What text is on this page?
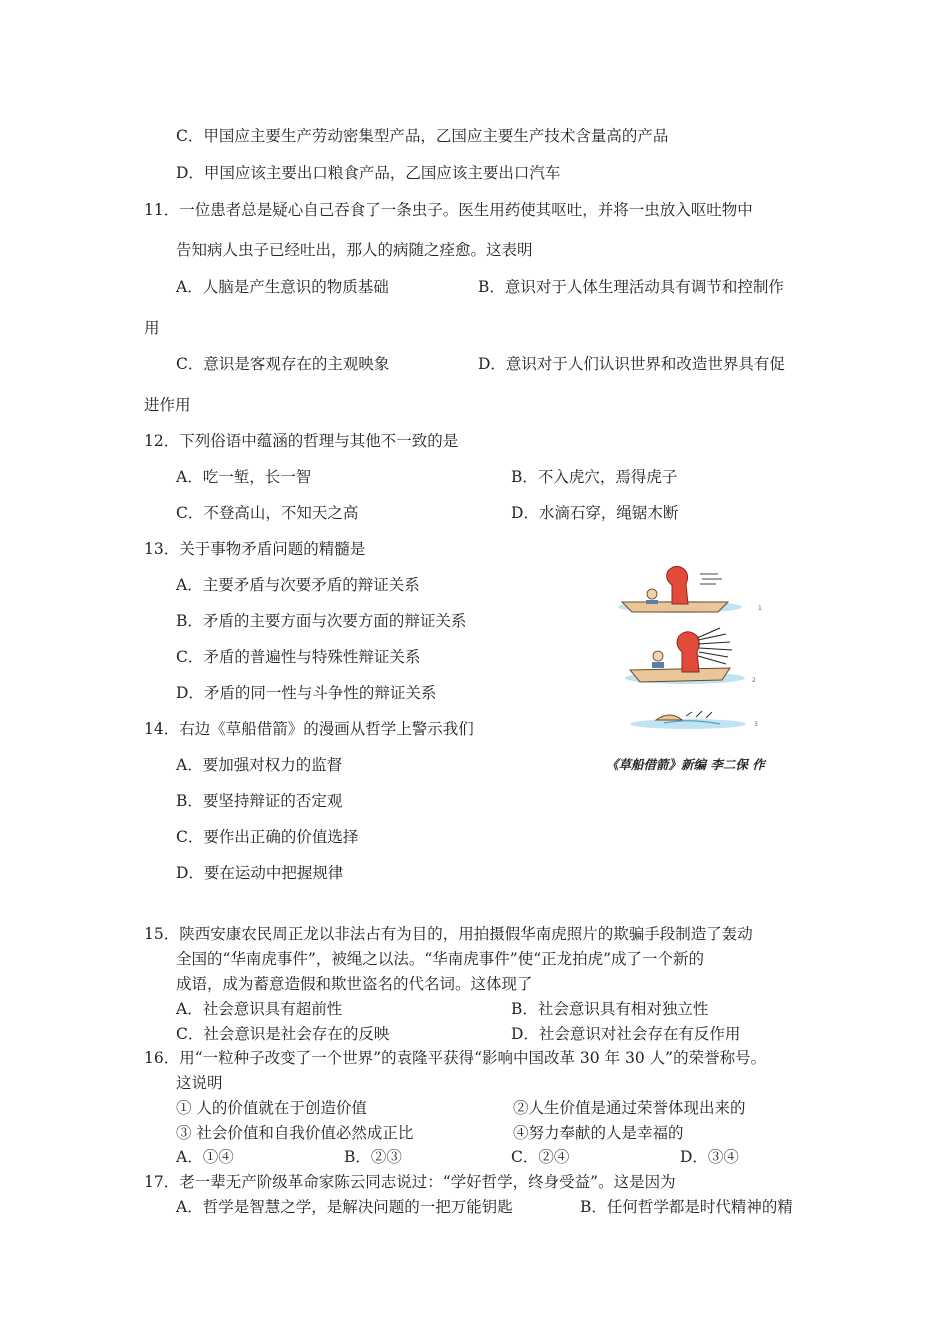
C．甲国应主要生产劳动密集型产品，乙国应主要生产技术含量高的产品
D．甲国应该主要出口粮食产品，乙国应该主要出口汽车
11．一位患者总是疑心自己吞食了一条虫子。医生用药使其呕吐，并将一虫放入呕吐物中
告知病人虫子已经吐出，那人的病随之痊愈。这表明
A．人脑是产生意识的物质基础	B．意识对于人体生理活动具有调节和控制作
用
C．意识是客观存在的主观映象	D．意识对于人们认识世界和改造世界具有促
进作用
12．下列俗语中蕴涵的哲理与其他不一致的是
A．吃一堑，长一智	B．不入虎穴，焉得虎子
C．不登高山，不知天之高	D．水滴石穿，绳锯木断
13．关于事物矛盾问题的精髓是
A．主要矛盾与次要矛盾的辩证关系
B．矛盾的主要方面与次要方面的辩证关系
C．矛盾的普遍性与特殊性辩证关系
D．矛盾的同一性与斗争性的辩证关系
1
2
3
《草船借箭》新编 李二保 作
14．右边《草船借箭》的漫画从哲学上警示我们
A．要加强对权力的监督
B．要坚持辩证的否定观
C．要作出正确的价值选择
D．要在运动中把握规律
15．陕西安康农民周正龙以非法占有为目的，用拍摄假华南虎照片的欺骗手段制造了轰动
全国的“华南虎事件”，被绳之以法。“华南虎事件”使“正龙拍虎”成了一个新的
成语，成为蓄意造假和欺世盗名的代名词。这体现了
A．社会意识具有超前性	B．社会意识具有相对独立性
C．社会意识是社会存在的反映	D．社会意识对社会存在有反作用
16．用“一粒种子改变了一个世界”的袁隆平获得“影响中国改革 30 年 30 人”的荣誉称号。
这说明
① 人的价值就在于创造价值	②人生价值是通过荣誉体现出来的
③ 社会价值和自我价值必然成正比	④努力奉献的人是幸福的
A．①④	B．②③	C．②④	D．③④
17．老一辈无产阶级革命家陈云同志说过：“学好哲学，终身受益”。这是因为
A．哲学是智慧之学，是解决问题的一把万能钥匙	B．任何哲学都是时代精神的精
